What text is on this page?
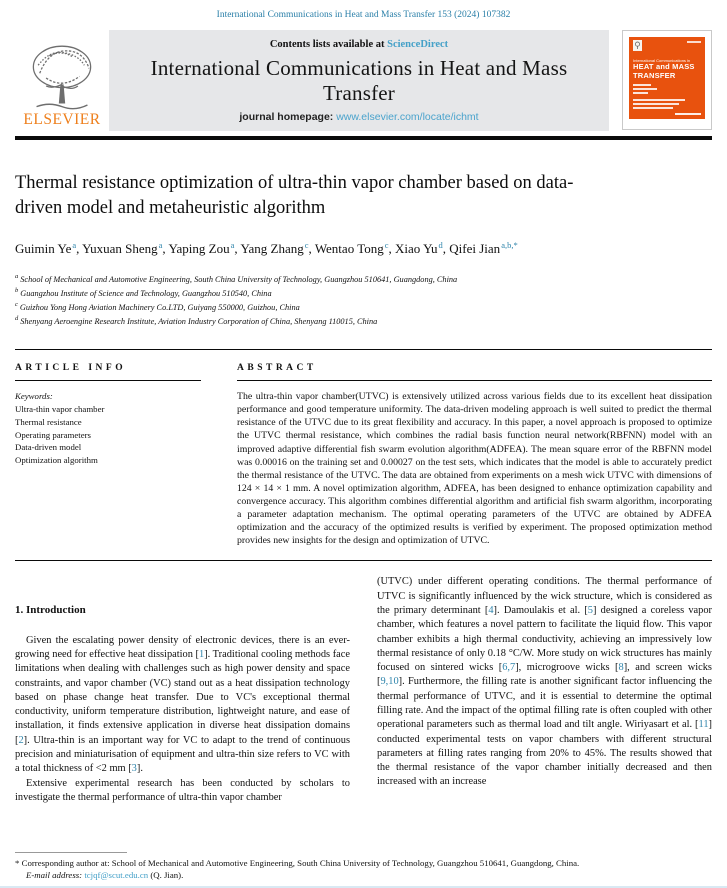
International Communications in Heat and Mass Transfer 153 (2024) 107382
ELSEVIER
Contents lists available at ScienceDirect
International Communications in Heat and Mass Transfer
journal homepage: www.elsevier.com/locate/ichmt
International Communications in
HEAT and MASS
TRANSFER
Thermal resistance optimization of ultra-thin vapor chamber based on data-driven model and metaheuristic algorithm
Guimin Ye$^a$, Yuxuan Sheng$^a$, Yaping Zou$^a$, Yang Zhang$^c$, Wentao Tong$^c$, Xiao Yu$^d$, Qifei Jian$^{a,b,*}$
$^a$ School of Mechanical and Automotive Engineering, South China University of Technology, Guangzhou 510641, Guangdong, China
$^b$ Guangzhou Institute of Science and Technology, Guangzhou 510540, China
$^c$ Guizhou Yong Hong Aviation Machinery Co.LTD, Guiyang 550000, Guizhou, China
$^d$ Shenyang Aeroengine Research Institute, Aviation Industry Corporation of China, Shenyang 110015, China
ARTICLE INFO
Keywords:
Ultra-thin vapor chamber
Thermal resistance
Operating parameters
Data-driven model
Optimization algorithm
ABSTRACT
The ultra-thin vapor chamber(UTVC) is extensively utilized across various fields due to its excellent heat dissipation performance and good temperature uniformity. The data-driven modeling approach is well suited to predict the thermal resistance of the UTVC due to its great flexibility and accuracy. In this paper, a novel approach is proposed to optimize the UTVC thermal resistance, which combines the radial basis function neural network(RBFNN) model with an improved adaptive differential fish swarm evolution algorithm(ADFEA). The mean square error of the RBFNN model was 0.00016 on the training set and 0.00027 on the test sets, which indicates that the model is able to accurately predict the thermal resistance of the UTVC. The data are obtained from experiments on a mesh wick UTVC with dimensions of 124 × 14 × 1 mm. A novel optimization algorithm, ADFEA, has been designed to enhance optimization capability and convergence accuracy. This algorithm combines differential algorithm and artificial fish swarm algorithm, incorporating a parameter adaptation mechanism. The optimal operating parameters of the UTVC are obtained by ADFEA optimization and the accuracy of the optimized results is verified by experiment. The proposed optimization method provides new insights for the design and optimization of UTVC.
1. Introduction

Given the escalating power density of electronic devices, there is an ever-growing need for effective heat dissipation [1]. Traditional cooling methods face limitations when dealing with challenges such as high power density and space constraints, and vapor chamber (VC) stand out as a heat dissipation technology based on phase change heat transfer. Due to VC's exceptional thermal conductivity, uniform temperature distribution, lightweight nature, and ease of installation, it finds extensive application in diverse heat dissipation domains [2]. Ultra-thin is an important way for VC to adapt to the trend of continuous precision and miniaturisation of equipment and ultra-thin size refers to VC with a total thickness of <2 mm [3].

Extensive experimental research has been conducted by scholars to investigate the thermal performance of ultra-thin vapor chamber

(UTVC) under different operating conditions. The thermal performance of UTVC is significantly influenced by the wick structure, which is considered as the primary determinant [4]. Damoulakis et al. [5] designed a coreless vapor chamber, which features a novel pattern to facilitate the liquid flow. This vapor chamber exhibits a high thermal conductivity, achieving an impressively low thermal resistance of only 0.18 °C/W. More study on wick structures has mainly focused on sintered wicks [6,7], microgroove wicks [8], and screen wicks [9,10]. Furthermore, the filling rate is another significant factor influencing the thermal performance of UTVC, and it is essential to determine the optimal filling rate. And the impact of the optimal filling rate is often coupled with other operational parameters such as thermal load and tilt angle. Wiriyasart et al. [11] conducted experimental tests on vapor chambers with different structural parameters at filling rates ranging from 20% to 45%. The results showed that the thermal resistance of the vapor chamber initially decreased and then increased with an increase

* Corresponding author at: School of Mechanical and Automotive Engineering, South China University of Technology, Guangzhou 510641, Guangdong, China.
E-mail address: tcjqf@scut.edu.cn (Q. Jian).
